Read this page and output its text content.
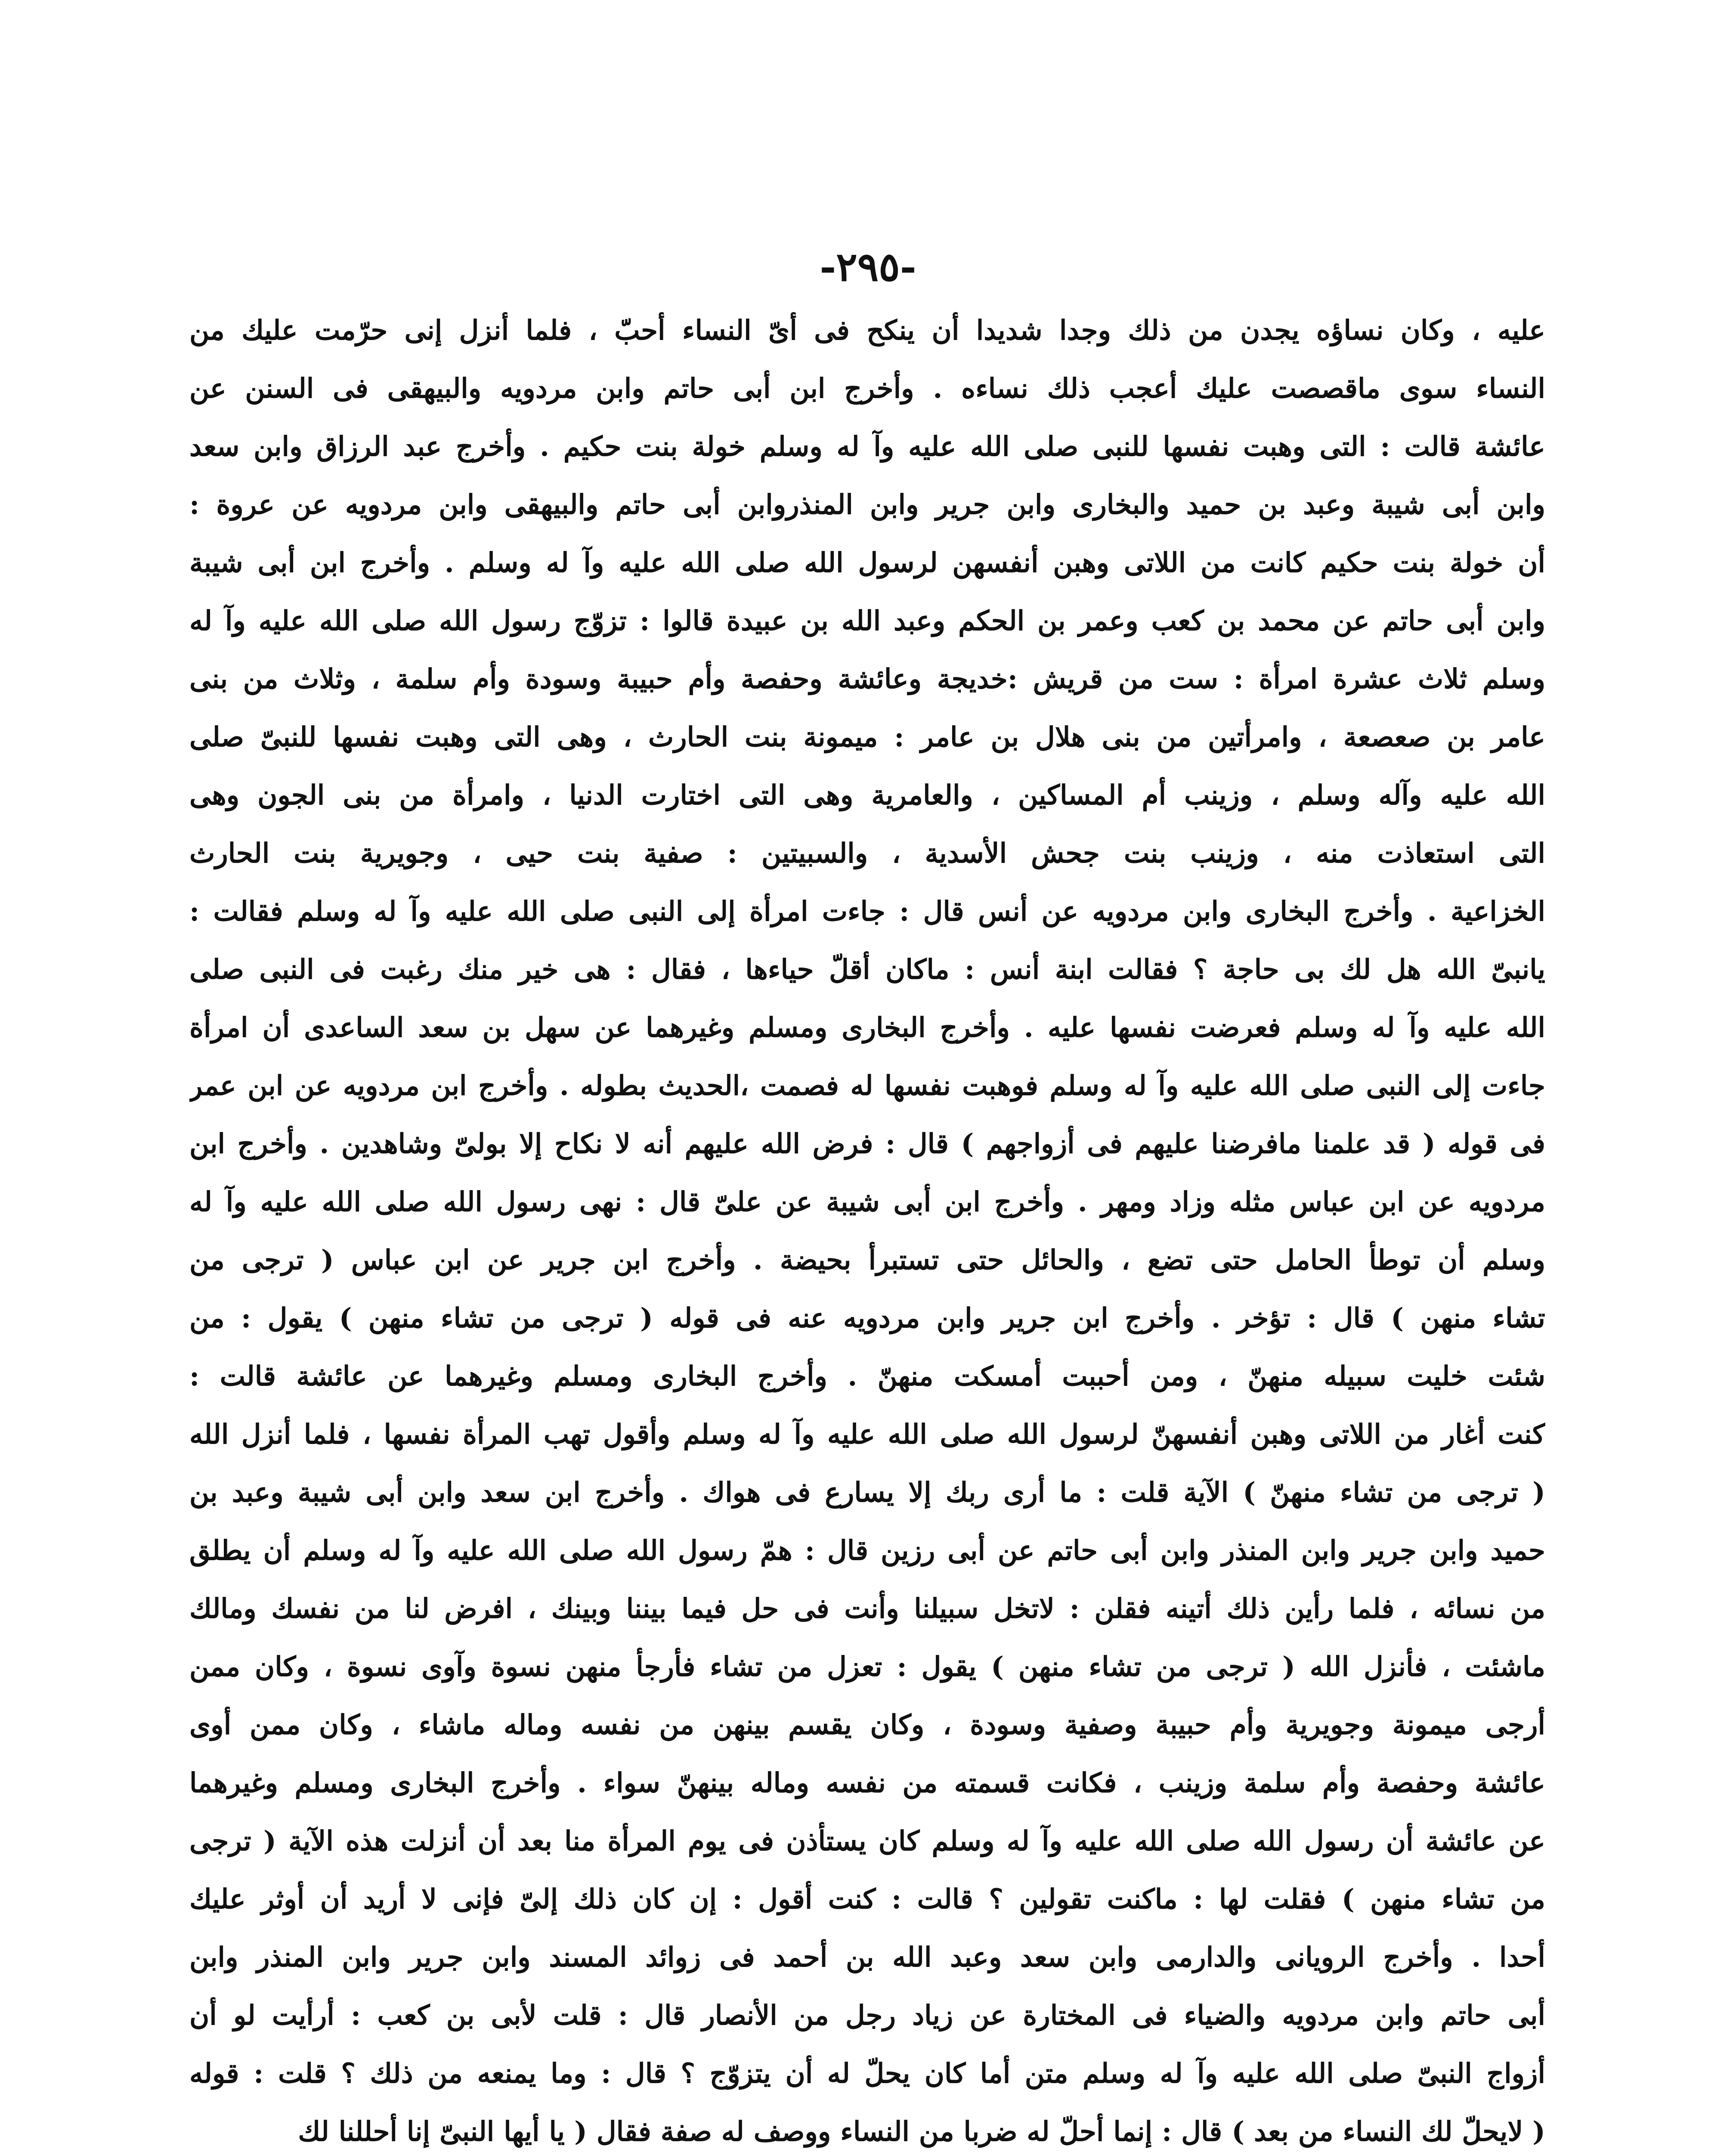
-٢٩٥-
عليه ، وكان نساؤه يجدن من ذلك وجدا شديدا أن ينكح فى أىّ النساء أحبّ ، فلما أنزل إنى حرّمت عليك من
النساء سوى ماقصصت عليك أعجب ذلك نساءه . وأخرج ابن أبى حاتم وابن مردويه والبيهقى فى السنن عن
عائشة قالت : التى وهبت نفسها للنبى صلى الله عليه وآ له وسلم خولة بنت حكيم . وأخرج عبد الرزاق وابن سعد
وابن أبى شيبة وعبد بن حميد والبخارى وابن جرير وابن المنذروابن أبى حاتم والبيهقى وابن مردويه عن عروة :
أن خولة بنت حكيم كانت من اللاتى وهبن أنفسهن لرسول الله صلى الله عليه وآ له وسلم . وأخرج ابن أبى شيبة
وابن أبى حاتم عن محمد بن كعب وعمر بن الحكم وعبد الله بن عبيدة قالوا : تزوّج رسول الله صلى الله عليه وآ له
وسلم ثلاث عشرة امرأة : ست من قريش :خديجة وعائشة وحفصة وأم حبيبة وسودة وأم سلمة ، وثلاث من بنى
عامر بن صعصعة ، وامرأتين من بنى هلال بن عامر : ميمونة بنت الحارث ، وهى التى وهبت نفسها للنبىّ صلى
الله عليه وآله وسلم ، وزينب أم المساكين ، والعامرية وهى التى اختارت الدنيا ، وامرأة من بنى الجون وهى
التى استعاذت منه ، وزينب بنت جحش الأسدية ، والسبيتين : صفية بنت حيى ، وجويرية بنت الحارث
الخزاعية . وأخرج البخارى وابن مردويه عن أنس قال : جاءت امرأة إلى النبى صلى الله عليه وآ له وسلم فقالت :
يانبىّ الله هل لك بى حاجة ؟ فقالت ابنة أنس : ماكان أقلّ حياءها ، فقال : هى خير منك رغبت فى النبى صلى
الله عليه وآ له وسلم فعرضت نفسها عليه . وأخرج البخارى ومسلم وغيرهما عن سهل بن سعد الساعدى أن امرأة
جاءت إلى النبى صلى الله عليه وآ له وسلم فوهبت نفسها له فصمت ،الحديث بطوله . وأخرج ابن مردويه عن ابن عمر
فى قوله ( قد علمنا مافرضنا عليهم فى أزواجهم ) قال : فرض الله عليهم أنه لا نكاح إلا بولىّ وشاهدين . وأخرج ابن
مردويه عن ابن عباس مثله وزاد ومهر . وأخرج ابن أبى شيبة عن علىّ قال : نهى رسول الله صلى الله عليه وآ له
وسلم أن توطأ الحامل حتى تضع ، والحائل حتى تستبرأ بحيضة . وأخرج ابن جرير عن ابن عباس ( ترجى من
تشاء منهن ) قال : تؤخر . وأخرج ابن جرير وابن مردويه عنه فى قوله ( ترجى من تشاء منهن ) يقول : من
شئت خليت سبيله منهنّ ، ومن أحببت أمسكت منهنّ . وأخرج البخارى ومسلم وغيرهما عن عائشة قالت :
كنت أغار من اللاتى وهبن أنفسهنّ لرسول الله صلى الله عليه وآ له وسلم وأقول تهب المرأة نفسها ، فلما أنزل الله
( ترجى من تشاء منهنّ ) الآية قلت : ما أرى ربك إلا يسارع فى هواك . وأخرج ابن سعد وابن أبى شيبة وعبد بن
حميد وابن جرير وابن المنذر وابن أبى حاتم عن أبى رزين قال : همّ رسول الله صلى الله عليه وآ له وسلم أن يطلق
من نسائه ، فلما رأين ذلك أتينه فقلن : لاتخل سبيلنا وأنت فى حل فيما بيننا وبينك ، افرض لنا من نفسك ومالك
ماشئت ، فأنزل الله ( ترجى من تشاء منهن ) يقول : تعزل من تشاء فأرجأ منهن نسوة وآوى نسوة ، وكان ممن
أرجى ميمونة وجويرية وأم حبيبة وصفية وسودة ، وكان يقسم بينهن من نفسه وماله ماشاء ، وكان ممن أوى
عائشة وحفصة وأم سلمة وزينب ، فكانت قسمته من نفسه وماله بينهنّ سواء . وأخرج البخارى ومسلم وغيرهما
عن عائشة أن رسول الله صلى الله عليه وآ له وسلم كان يستأذن فى يوم المرأة منا بعد أن أنزلت هذه الآية ( ترجى
من تشاء منهن ) فقلت لها : ماكنت تقولين ؟ قالت : كنت أقول : إن كان ذلك إلىّ فإنى لا أريد أن أوثر عليك
أحدا . وأخرج الرويانى والدارمى وابن سعد وعبد الله بن أحمد فى زوائد المسند وابن جرير وابن المنذر وابن
أبى حاتم وابن مردويه والضياء فى المختارة عن زياد رجل من الأنصار قال : قلت لأبى بن كعب : أرأيت لو أن
أزواج النبىّ صلى الله عليه وآ له وسلم متن أما كان يحلّ له أن يتزوّج ؟ قال : وما يمنعه من ذلك ؟ قلت : قوله
( لايحلّ لك النساء من بعد ) قال : إنما أحلّ له ضربا من النساء ووصف له صفة فقال ( يا أيها النبىّ إنا أحللنا لك
